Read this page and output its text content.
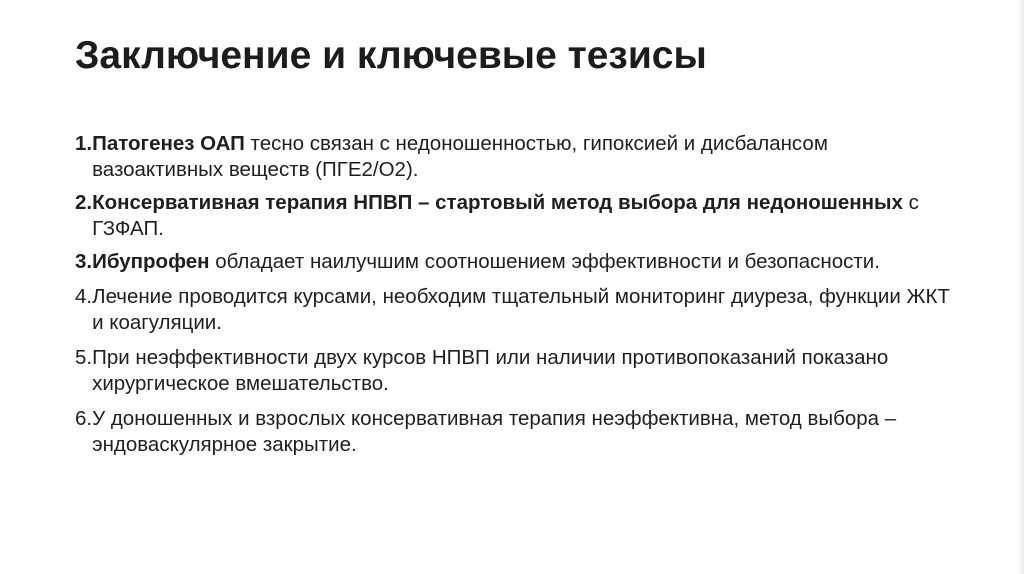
Заключение и ключевые тезисы
1. Патогенез ОАП тесно связан с недоношенностью, гипоксией и дисбалансом вазоактивных веществ (ПГЕ2/О2).
2. Консервативная терапия НПВП – стартовый метод выбора для недоношенных с ГЗФАП.
3. Ибупрофен обладает наилучшим соотношением эффективности и безопасности.
4. Лечение проводится курсами, необходим тщательный мониторинг диуреза, функции ЖКТ и коагуляции.
5. При неэффективности двух курсов НПВП или наличии противопоказаний показано хирургическое вмешательство.
6. У доношенных и взрослых консервативная терапия неэффективна, метод выбора – эндоваскулярное закрытие.
